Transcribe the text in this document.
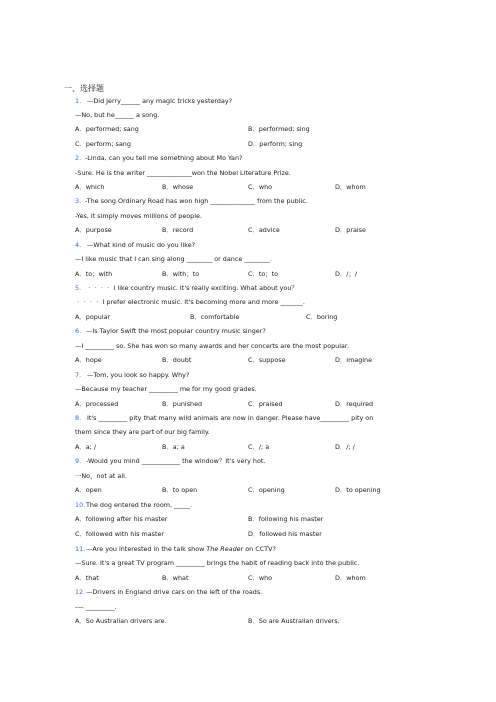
一、选择题
1. —Did Jerry______ any magic tricks yesterday?
—No, but he______ a song.
A．performed; sang	B．performed; sing
C．perform; sang	D．perform; sing
2. -Linda, can you tell me something about Mo Yan?
-Sure. He is the writer ______________won the Nobel Literature Prize.
A．which	B．whose	C．who	D．whom
3. -The song Ordinary Road has won high ______________ from the public.
-Yes, it simply moves millions of people.
A．purpose	B．record	C．advice	D．praise
4. —What kind of music do you like?
—I like music that I can sing along ________ or dance ________.
A．to；with	B．with；to	C．to；to	D．/；/
5. ・・・・ I like country music. It's really exciting. What about you？
・・・・ I prefer electronic music. It's becoming more and more _______.
A．popular	B．comfortable	C．boring
6. —Is Taylor Swift the most popular country music singer?
—I _________ so. She has won so many awards and her concerts are the most popular.
A．hope	B．doubt	C．suppose	D．imagine
7. —Tom, you look so happy. Why?
—Because my teacher _________ me for my good grades.
A．processed	B．punished	C．praised	D．required
8. It's _________ pity that many wild animals are now in danger. Please have_________ pity on
them since they are part of our big family.
A．a; /	B．a; a	C．/; a	D．/; /
9. -Would you mind ____________ the window？It's very hot.
一No，not at all.
A．open	B．to open	C．opening	D．to opening
10. The dog entered the room, _____.
A．following after his master	B．following his master
C．followed with his master	D．followed his master
11. —Are you interested in the talk show The Reader on CCTV?
—Sure. It's a great TV program _________ brings the habit of reading back into the public.
A．that	B．what	C．who	D．whom
12. —Drivers in England drive cars on the left of the roads.
-— _________.
A．So Australian drivers are.	B．So are Australian drivers.
